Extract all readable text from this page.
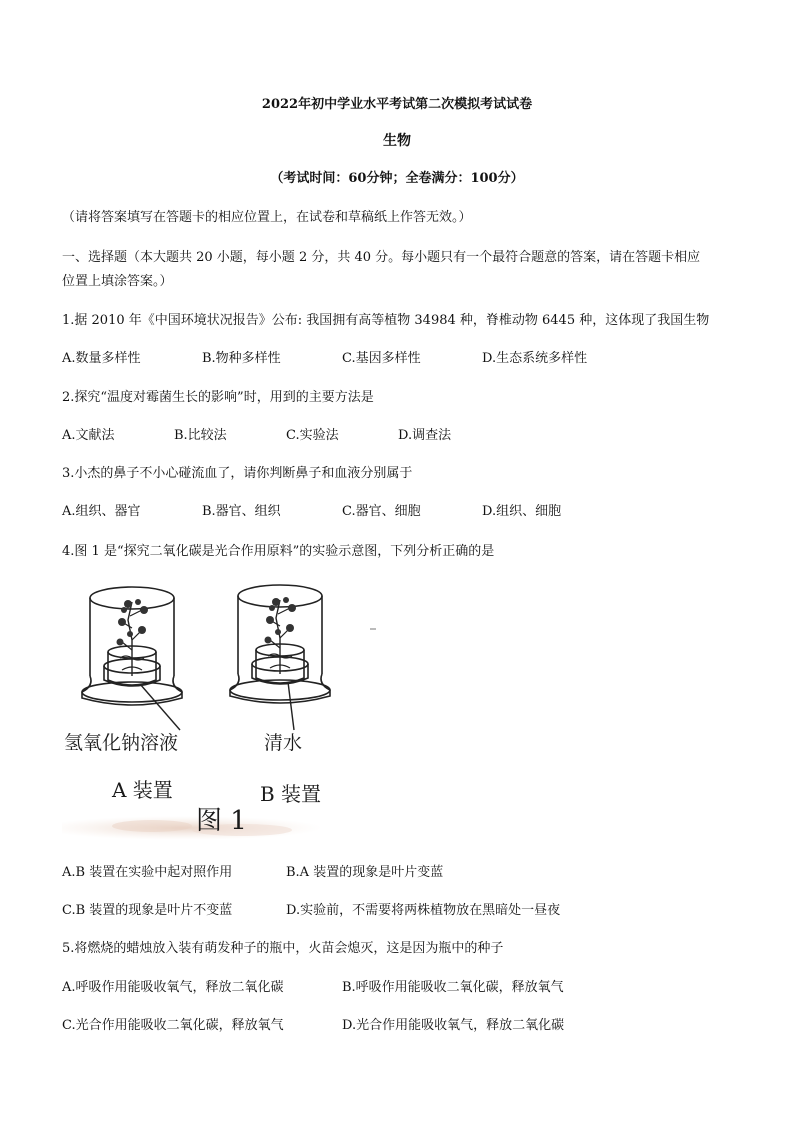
2022年初中学业水平考试第二次模拟考试试卷
生物
（考试时间：60分钟；全卷满分：100分）
（请将答案填写在答题卡的相应位置上，在试卷和草稿纸上作答无效。）
一、选择题（本大题共 20 小题，每小题 2 分，共 40 分。每小题只有一个最符合题意的答案，请在答题卡相应
位置上填涂答案。）
1.据 2010 年《中国环境状况报告》公布: 我国拥有高等植物 34984 种，脊椎动物 6445 种，这体现了我国生物
A.数量多样性	B.物种多样性	C.基因多样性	D.生态系统多样性
2.探究“温度对霉菌生长的影响”时，用到的主要方法是
A.文献法	B.比较法	C.实验法	D.调查法
3.小杰的鼻子不小心碰流血了，请你判断鼻子和血液分别属于
A.组织、器官	B.器官、组织	C.器官、细胞	D.组织、细胞
4.图 1 是“探究二氧化碳是光合作用原料”的实验示意图，下列分析正确的是
氢氧化钠溶液	清水
A 装置	B 装置
图 1
A.B 装置在实验中起对照作用	B.A 装置的现象是叶片变蓝
C.B 装置的现象是叶片不变蓝	D.实验前，不需要将两株植物放在黑暗处一昼夜
5.将燃烧的蜡烛放入装有萌发种子的瓶中，火苗会熄灭，这是因为瓶中的种子
A.呼吸作用能吸收氧气，释放二氧化碳	B.呼吸作用能吸收二氧化碳，释放氧气
C.光合作用能吸收二氧化碳，释放氧气	D.光合作用能吸收氧气，释放二氧化碳
